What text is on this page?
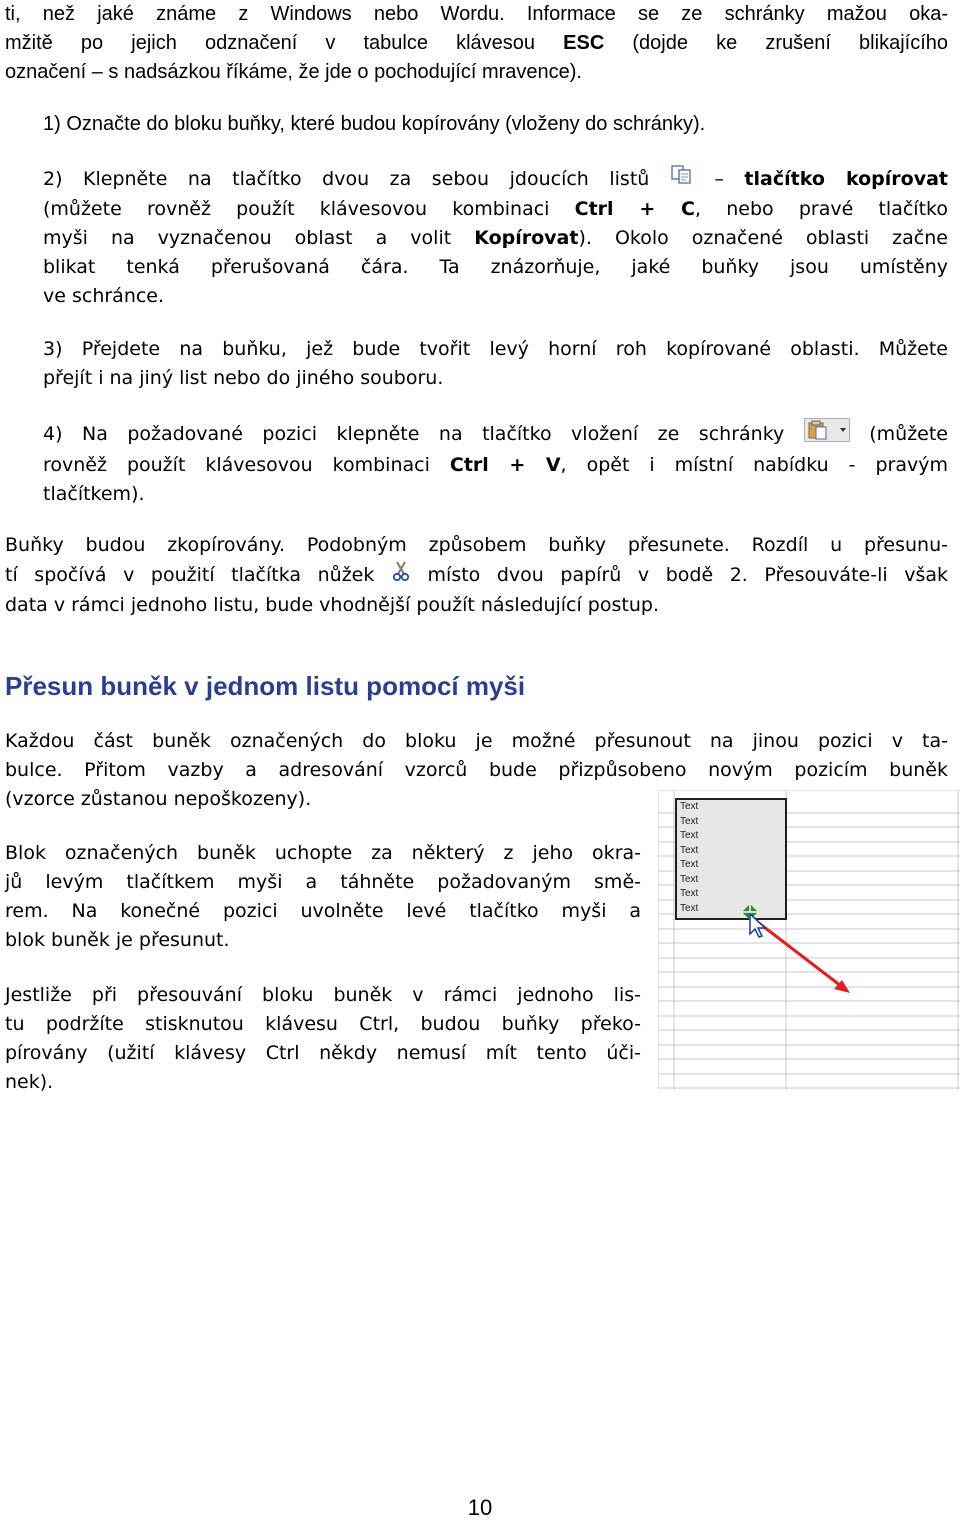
ti, než jaké známe z Windows nebo Wordu. Informace se ze schránky mažou oka-
mžitě po jejich odznačení v tabulce klávesou ESC (dojde ke zrušení blikajícího
označení – s nadsázkou říkáme, že jde o pochodující mravence).
1) Označte do bloku buňky, které budou kopírovány (vloženy do schránky).
2) Klepněte na tlačítko dvou za sebou jdoucích listů  – tlačítko kopírovat
(můžete rovněž použít klávesovou kombinaci Ctrl + C, nebo pravé tlačítko
myši na vyznačenou oblast a volit Kopírovat). Okolo označené oblasti začne
blikat tenká přerušovaná čára. Ta znázorňuje, jaké buňky jsou umístěny
ve schránce.
3) Přejdete na buňku, jež bude tvořit levý horní roh kopírované oblasti. Můžete
přejít i na jiný list nebo do jiného souboru.
4) Na požadované pozici klepněte na tlačítko vložení ze schránky	(můžete
rovněž použít klávesovou kombinaci Ctrl + V, opět i místní nabídku - pravým
tlačítkem).
Buňky budou zkopírovány. Podobným způsobem buňky přesunete. Rozdíl u přesunu-
tí spočívá v použití tlačítka nůžek	místo dvou papírů v bodě 2. Přesouváte-li však
data v rámci jednoho listu, bude vhodnější použít následující postup.
Přesun buněk v jednom listu pomocí myši
Každou část buněk označených do bloku je možné přesunout na jinou pozici v ta-
bulce. Přitom vazby a adresování vzorců bude přizpůsobeno novým pozicím buněk
(vzorce zůstanou nepoškozeny).
Blok označených buněk uchopte za některý z jeho okra-
jů levým tlačítkem myši a táhněte požadovaným smě-
rem. Na konečné pozici uvolněte levé tlačítko myši a
blok buněk je přesunut.
Jestliže při přesouvání bloku buněk v rámci jednoho lis-
tu podržíte stisknutou klávesu Ctrl, budou buňky překo-
pírovány (užití klávesy Ctrl někdy nemusí mít tento úči-
nek).
Text
Text
Text
Text
Text
Text
Text
Text
10
